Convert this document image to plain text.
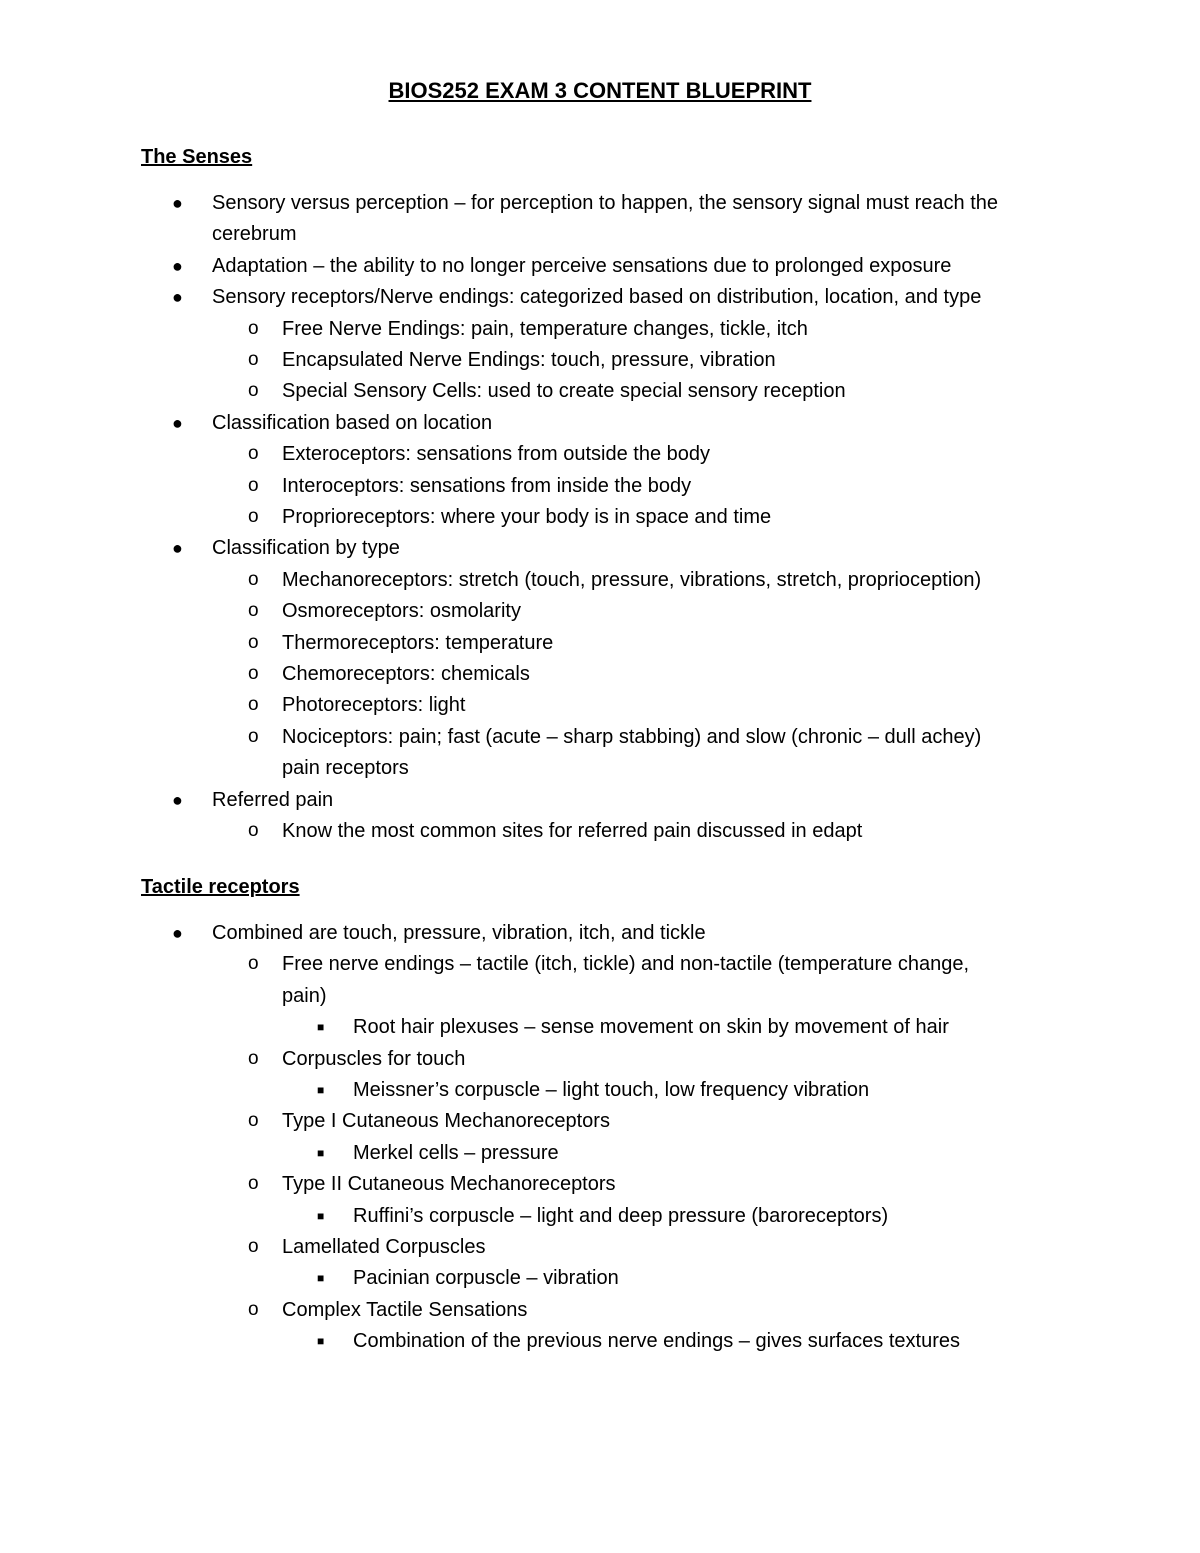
BIOS252 EXAM 3 CONTENT BLUEPRINT
The Senses
● Sensory versus perception – for perception to happen, the sensory signal must reach the
cerebrum
● Adaptation – the ability to no longer perceive sensations due to prolonged exposure
● Sensory receptors/Nerve endings: categorized based on distribution, location, and type
o Free Nerve Endings: pain, temperature changes, tickle, itch
o Encapsulated Nerve Endings: touch, pressure, vibration
o Special Sensory Cells: used to create special sensory reception
● Classification based on location
o Exteroceptors: sensations from outside the body
o Interoceptors: sensations from inside the body
o Proprioreceptors: where your body is in space and time
● Classification by type
o Mechanoreceptors: stretch (touch, pressure, vibrations, stretch, proprioception)
o Osmoreceptors: osmolarity
o Thermoreceptors: temperature
o Chemoreceptors: chemicals
o Photoreceptors: light
o Nociceptors: pain; fast (acute – sharp stabbing) and slow (chronic – dull achey)
pain receptors
● Referred pain
o Know the most common sites for referred pain discussed in edapt
Tactile receptors
● Combined are touch, pressure, vibration, itch, and tickle
o Free nerve endings – tactile (itch, tickle) and non-tactile (temperature change,
pain)
■ Root hair plexuses – sense movement on skin by movement of hair
o Corpuscles for touch
■ Meissner’s corpuscle – light touch, low frequency vibration
o Type I Cutaneous Mechanoreceptors
■ Merkel cells – pressure
o Type II Cutaneous Mechanoreceptors
■ Ruffini’s corpuscle – light and deep pressure (baroreceptors)
o Lamellated Corpuscles
■ Pacinian corpuscle – vibration
o Complex Tactile Sensations
■ Combination of the previous nerve endings – gives surfaces textures
